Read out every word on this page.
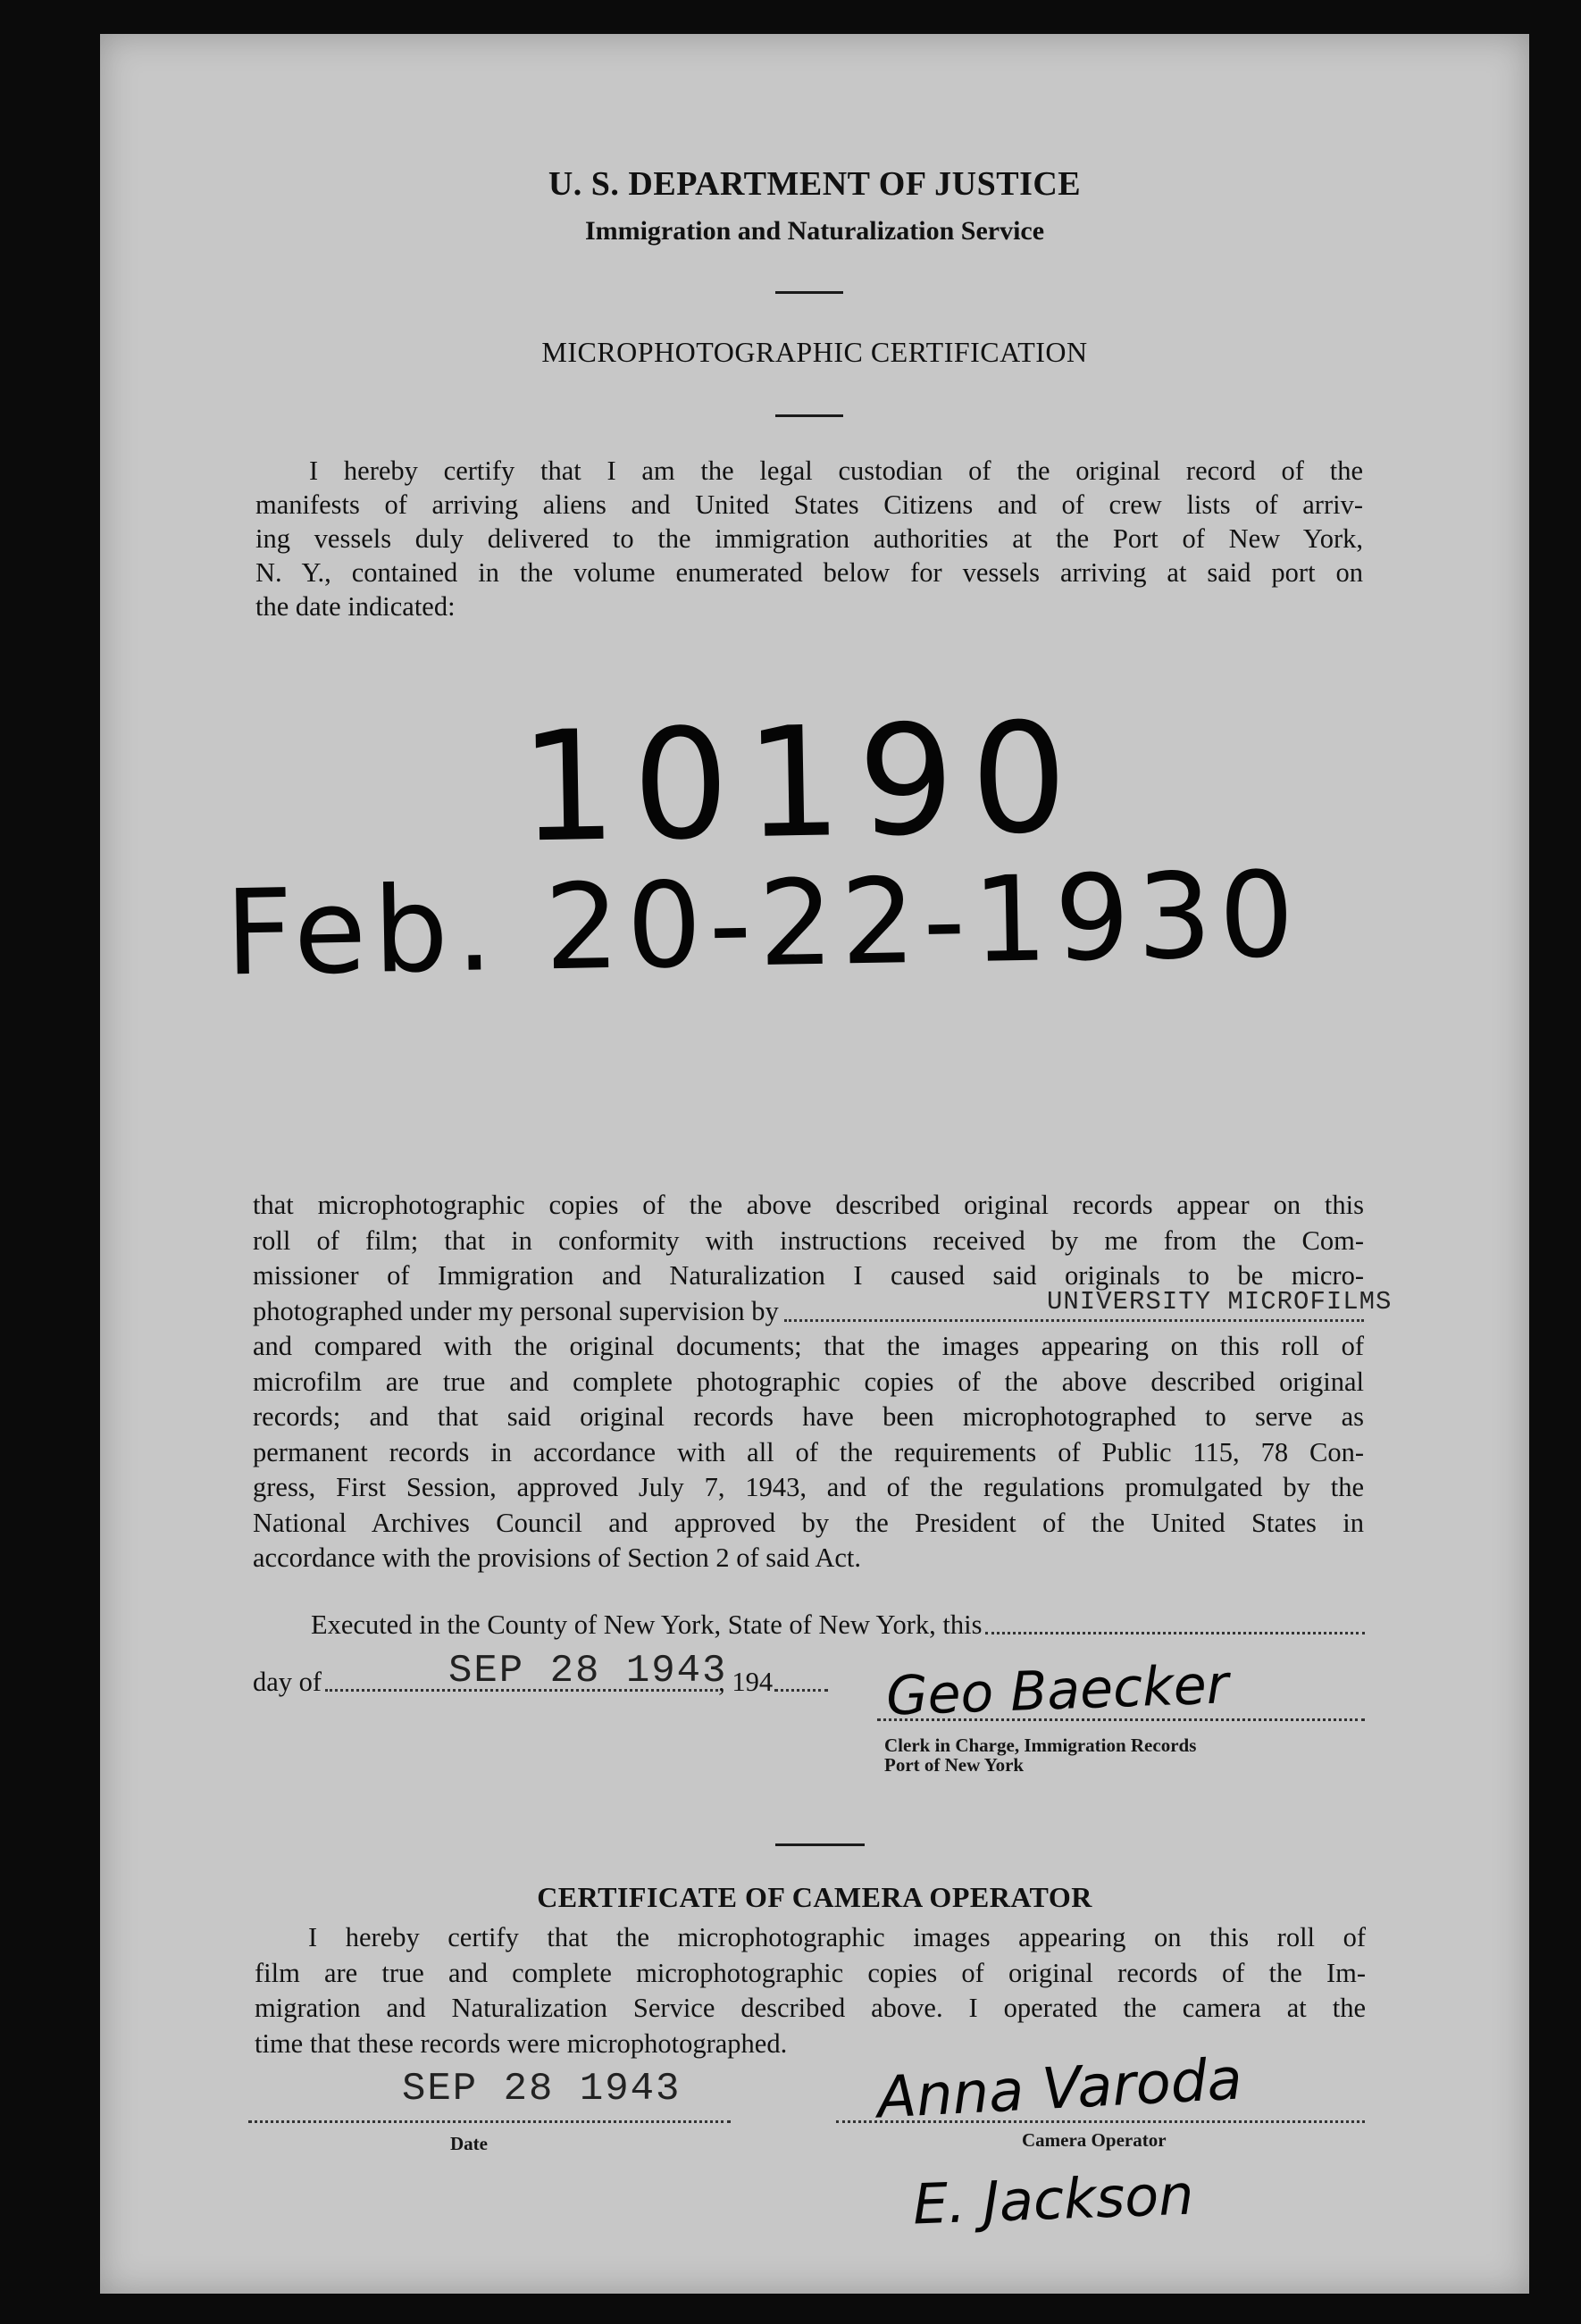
U. S. DEPARTMENT OF JUSTICE
Immigration and Naturalization Service
MICROPHOTOGRAPHIC CERTIFICATION
I hereby certify that I am the legal custodian of the original record of the
manifests of arriving aliens and United States Citizens and of crew lists of arriv-
ing vessels duly delivered to the immigration authorities at the Port of New York,
N. Y., contained in the volume enumerated below for vessels arriving at said port on
the date indicated:
10190
Feb. 20-22-1930
that microphotographic copies of the above described original records appear on this
roll of film; that in conformity with instructions received by me from the Com-
missioner of Immigration and Naturalization I caused said originals to be micro-
photographed under my personal supervision by
and compared with the original documents; that the images appearing on this roll of
microfilm are true and complete photographic copies of the above described original
records; and that said original records have been microphotographed to serve as
permanent records in accordance with all of the requirements of Public 115, 78 Con-
gress, First Session, approved July 7, 1943, and of the regulations promulgated by the
National Archives Council and approved by the President of the United States in
accordance with the provisions of Section 2 of said Act.
UNIVERSITY MICROFILMS
Executed in the County of New York, State of New York, this
day of	, 194
SEP 28 1943	Geo Baecker
Clerk in Charge, Immigration Records
Port of New York
CERTIFICATE OF CAMERA OPERATOR
I hereby certify that the microphotographic images appearing on this roll of
film are true and complete microphotographic copies of original records of the Im-
migration and Naturalization Service described above. I operated the camera at the
time that these records were microphotographed.
SEP 28 1943
Date
Anna Varoda
Camera Operator
E. Jackson
